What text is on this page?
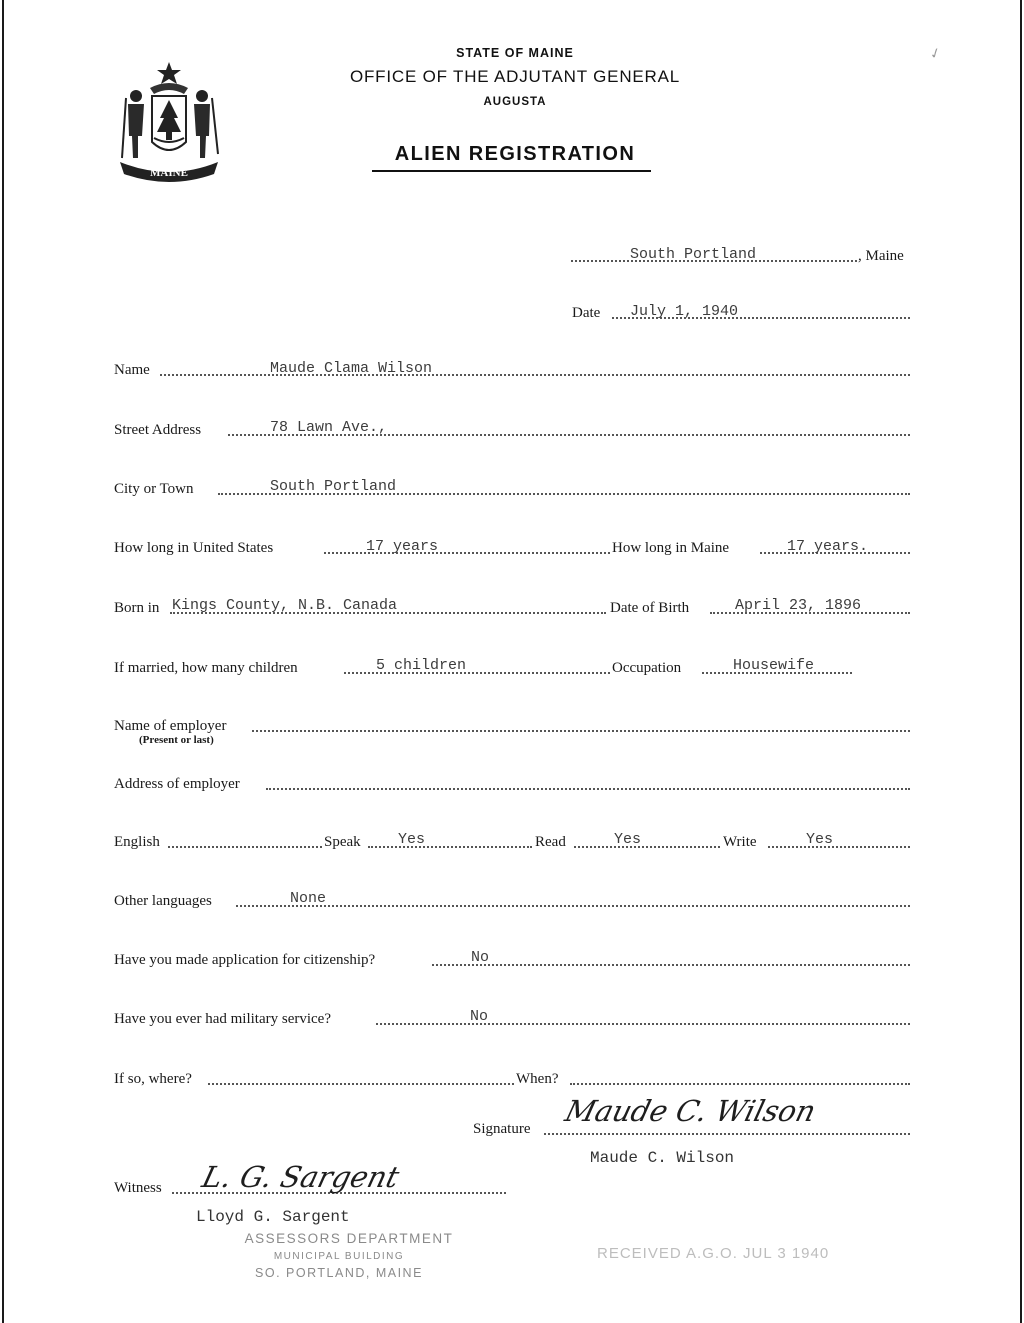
MAINE
STATE OF MAINE
OFFICE OF THE ADJUTANT GENERAL
AUGUSTA
ALIEN REGISTRATION
✓
South Portland	, Maine
Date July 1, 1940
Name	Maude Clama Wilson
Street Address	78 Lawn Ave.,
City or Town	South Portland
How long in United States	17 years	How long in Maine	17 years.
Born in Kings County, N.B. Canada	Date of Birth	April 23, 1896
If married, how many children	5 children	Occupation	Housewife
Name of employer
(Present or last)
Address of employer
English	Speak Yes	Read	Yes	Write	Yes
Other languages	None
Have you made application for citizenship?	No
Have you ever had military service?	No
If so, where?	When?
Signature
Maude C. Wilson
Maude C. Wilson
Witness L. G. Sargent
Lloyd G. Sargent
ASSESSORS DEPARTMENT
MUNICIPAL BUILDING
SO. PORTLAND, MAINE
RECEIVED A.G.O. JUL 3 1940
